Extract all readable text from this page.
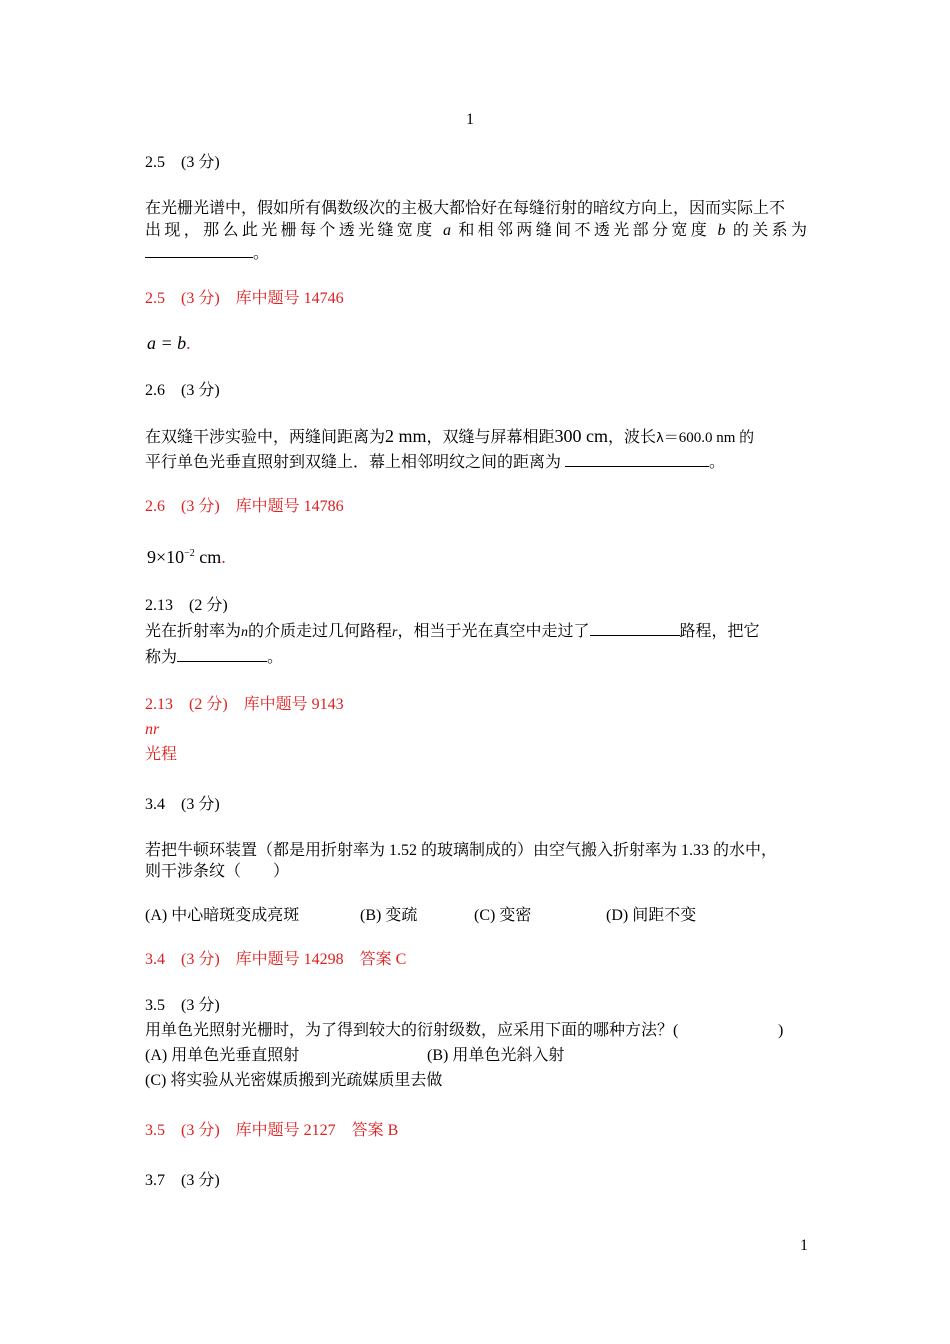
1
2.5　(3 分)
在光栅光谱中，假如所有偶数级次的主极大都恰好在每缝衍射的暗纹方向上，因而实际上不
出现，那么此光栅每个透光缝宽度 a 和相邻两缝间不透光部分宽度 b 的关系为
。
2.5　(3 分)　库中题号 14746
a = b.
2.6　(3 分)
在双缝干涉实验中，两缝间距离为2 mm，双缝与屏幕相距300 cm，波长λ＝600.0 nm 的
平行单色光垂直照射到双缝上．幕上相邻明纹之间的距离为	。
2.6　(3 分)　库中题号 14786
$9\times 10^{-2}$ cm.
2.13　(2 分)
光在折射率为n的介质走过几何路程r，相当于光在真空中走过了	路程，把它
称为	。
2.13　(2 分)　库中题号 9143
nr
光程
3.4　(3 分)
若把牛顿环装置（都是用折射率为 1.52 的玻璃制成的）由空气搬入折射率为 1.33 的水中，
则干涉条纹（　　）
(A) 中心暗斑变成亮斑	(B) 变疏	(C) 变密	(D) 间距不变
3.4　(3 分)　库中题号 14298　答案 C
3.5　(3 分)
用单色光照射光栅时，为了得到较大的衍射级数，应采用下面的哪种方法？(	)
(A) 用单色光垂直照射	(B) 用单色光斜入射
(C) 将实验从光密媒质搬到光疏媒质里去做
3.5　(3 分)　库中题号 2127　答案 B
3.7　(3 分)
1
